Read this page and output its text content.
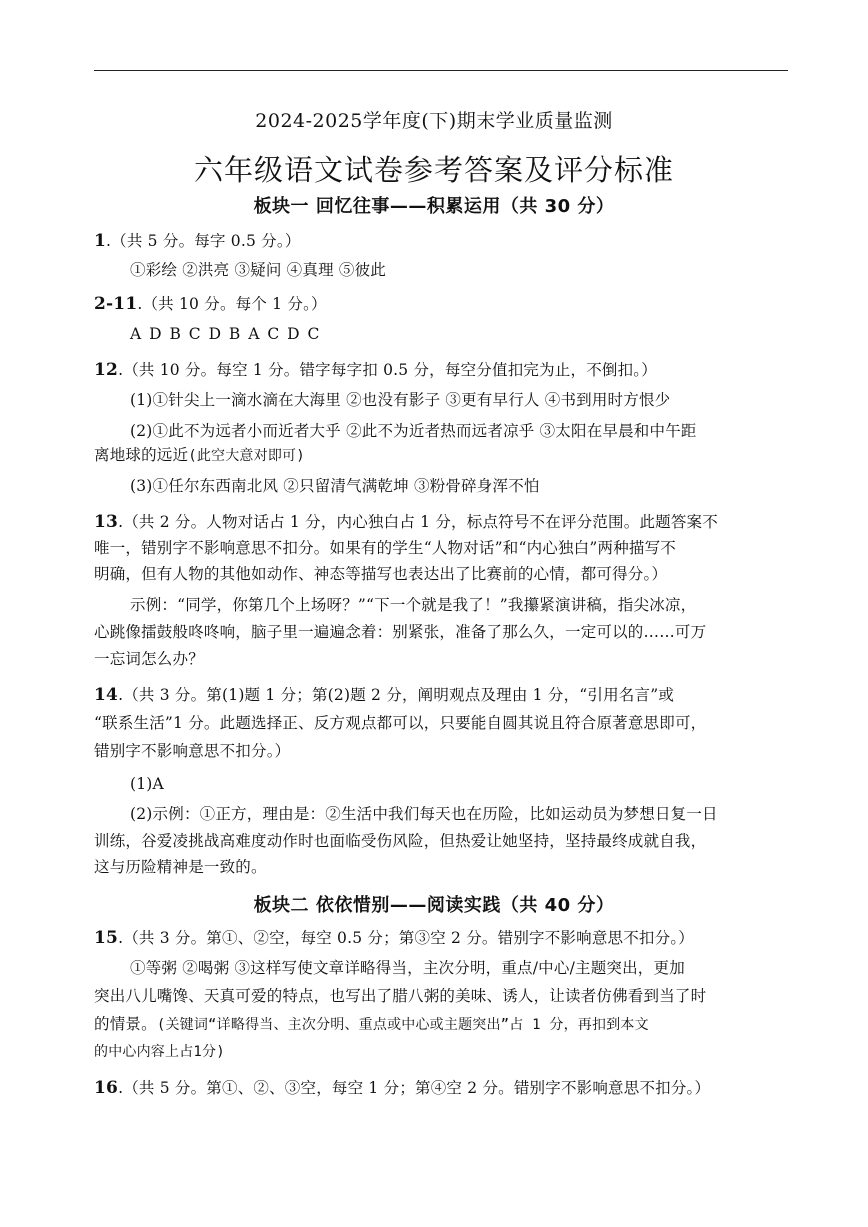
2024-2025学年度(下)期末学业质量监测
六年级语文试卷参考答案及评分标准
板块一 回忆往事——积累运用（共 30 分）
1.（共 5 分。每字 0.5 分。）
①彩绘 ②洪亮 ③疑问 ④真理 ⑤彼此
2-11.（共 10 分。每个 1 分。）
A D B C D B A C D C
12.（共 10 分。每空 1 分。错字每字扣 0.5 分，每空分值扣完为止，不倒扣。）
(1)①针尖上一滴水滴在大海里 ②也没有影子 ③更有早行人 ④书到用时方恨少
(2)①此不为远者小而近者大乎 ②此不为近者热而远者凉乎 ③太阳在早晨和中午距
离地球的远近(此空大意对即可)
(3)①任尔东西南北风 ②只留清气满乾坤 ③粉骨碎身浑不怕
13.（共 2 分。人物对话占 1 分，内心独白占 1 分，标点符号不在评分范围。此题答案不
唯一，错别字不影响意思不扣分。如果有的学生“人物对话”和“内心独白”两种描写不
明确，但有人物的其他如动作、神态等描写也表达出了比赛前的心情，都可得分。）
示例：“同学，你第几个上场呀？”“下一个就是我了！”我攥紧演讲稿，指尖冰凉，
心跳像擂鼓般咚咚响，脑子里一遍遍念着：别紧张，准备了那么久，一定可以的……可万
一忘词怎么办？
14.（共 3 分。第(1)题 1 分；第(2)题 2 分，阐明观点及理由 1 分，“引用名言”或
“联系生活”1 分。此题选择正、反方观点都可以，只要能自圆其说且符合原著意思即可，
错别字不影响意思不扣分。）
(1)A
(2)示例：①正方，理由是：②生活中我们每天也在历险，比如运动员为梦想日复一日
训练，谷爱凌挑战高难度动作时也面临受伤风险，但热爱让她坚持，坚持最终成就自我，
这与历险精神是一致的。
板块二 依依惜别——阅读实践（共 40 分）
15.（共 3 分。第①、②空，每空 0.5 分；第③空 2 分。错别字不影响意思不扣分。）
①等粥 ②喝粥 ③这样写使文章详略得当，主次分明，重点/中心/主题突出，更加
突出八儿嘴馋、天真可爱的特点，也写出了腊八粥的美味、诱人，让读者仿佛看到当了时
的情景。(关键词“详略得当、主次分明、重点或中心或主题突出”占 1 分，再扣到本文
的中心内容上占1分)
16.（共 5 分。第①、②、③空，每空 1 分；第④空 2 分。错别字不影响意思不扣分。）
